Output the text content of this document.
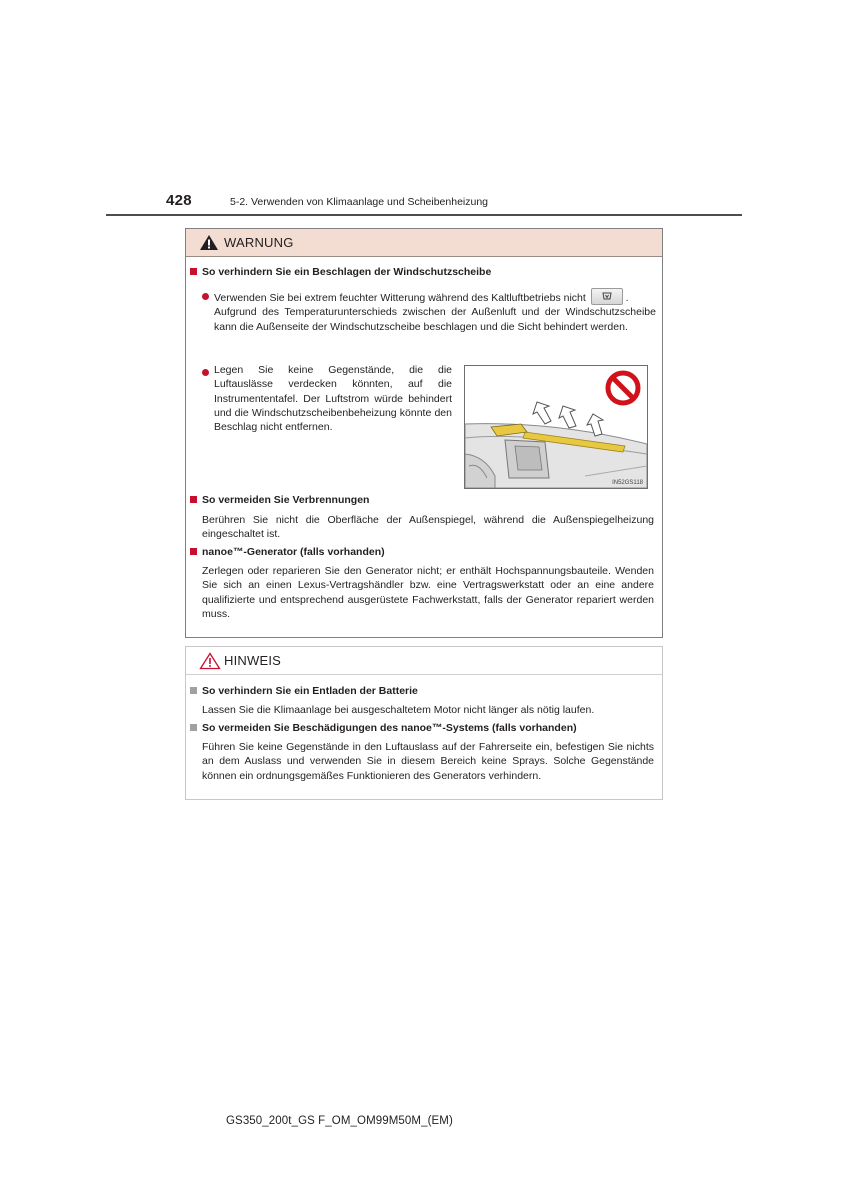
428	5-2. Verwenden von Klimaanlage und Scheibenheizung
WARNUNG
So verhindern Sie ein Beschlagen der Windschutzscheibe
Verwenden Sie bei extrem feuchter Witterung während des Kaltluftbetriebs nicht	.
Aufgrund des Temperaturunterschieds zwischen der Außenluft und der Windschutzscheibe kann die Außenseite der Windschutzscheibe beschlagen und die Sicht behindert werden.
Legen Sie keine Gegenstände, die die Luftauslässe verdecken könnten, auf die Instrumententafel. Der Luftstrom würde behindert und die Windschutzscheibenbeheizung könnte den Beschlag nicht entfernen.
IN52GS118
So vermeiden Sie Verbrennungen
Berühren Sie nicht die Oberfläche der Außenspiegel, während die Außenspiegelheizung eingeschaltet ist.
nanoe™-Generator (falls vorhanden)
Zerlegen oder reparieren Sie den Generator nicht; er enthält Hochspannungsbauteile. Wenden Sie sich an einen Lexus-Vertragshändler bzw. eine Vertragswerkstatt oder an eine andere qualifizierte und entsprechend ausgerüstete Fachwerkstatt, falls der Generator repariert werden muss.
HINWEIS
So verhindern Sie ein Entladen der Batterie
Lassen Sie die Klimaanlage bei ausgeschaltetem Motor nicht länger als nötig laufen.
So vermeiden Sie Beschädigungen des nanoe™-Systems (falls vorhanden)
Führen Sie keine Gegenstände in den Luftauslass auf der Fahrerseite ein, befestigen Sie nichts an dem Auslass und verwenden Sie in diesem Bereich keine Sprays. Solche Gegenstände können ein ordnungsgemäßes Funktionieren des Generators verhindern.
GS350_200t_GS F_OM_OM99M50M_(EM)
